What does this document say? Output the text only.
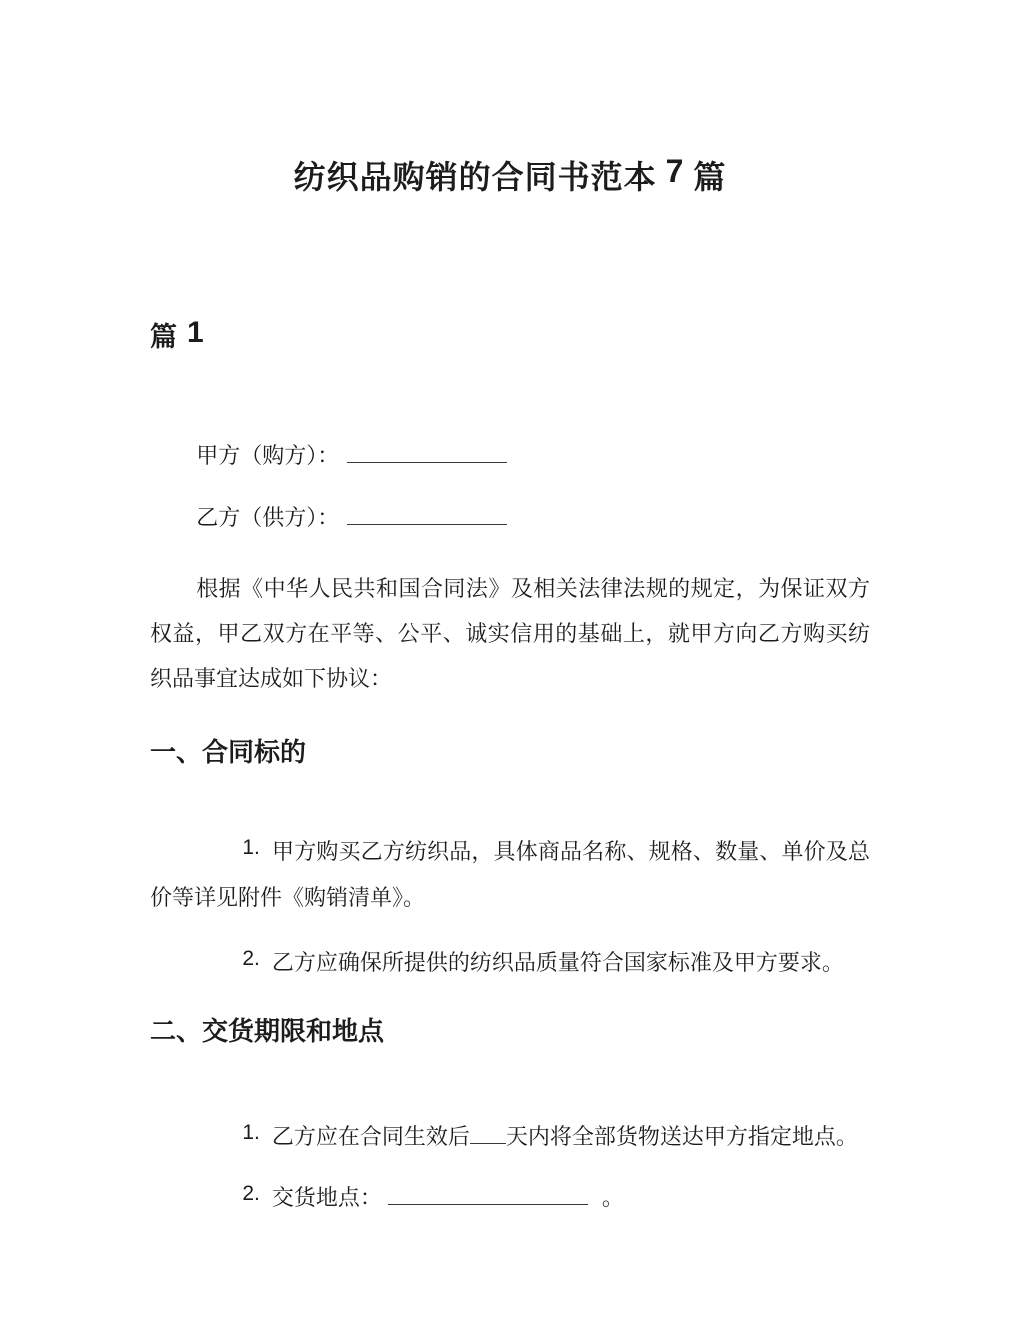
纺织品购销的合同书范本 7 篇
篇 1

甲方（购方）：

乙方（供方）：

根据《中华人民共和国合同法》及相关法律法规的规定，为保证双方权益，甲乙双方在平等、公平、诚实信用的基础上，就甲方向乙方购买纺织品事宜达成如下协议：

一、合同标的

1. 甲方购买乙方纺织品，具体商品名称、规格、数量、单价及总价等详见附件《购销清单》。

2. 乙方应确保所提供的纺织品质量符合国家标准及甲方要求。

二、交货期限和地点

1. 乙方应在合同生效后 天内将全部货物送达甲方指定地点。

2. 交货地点：	。
